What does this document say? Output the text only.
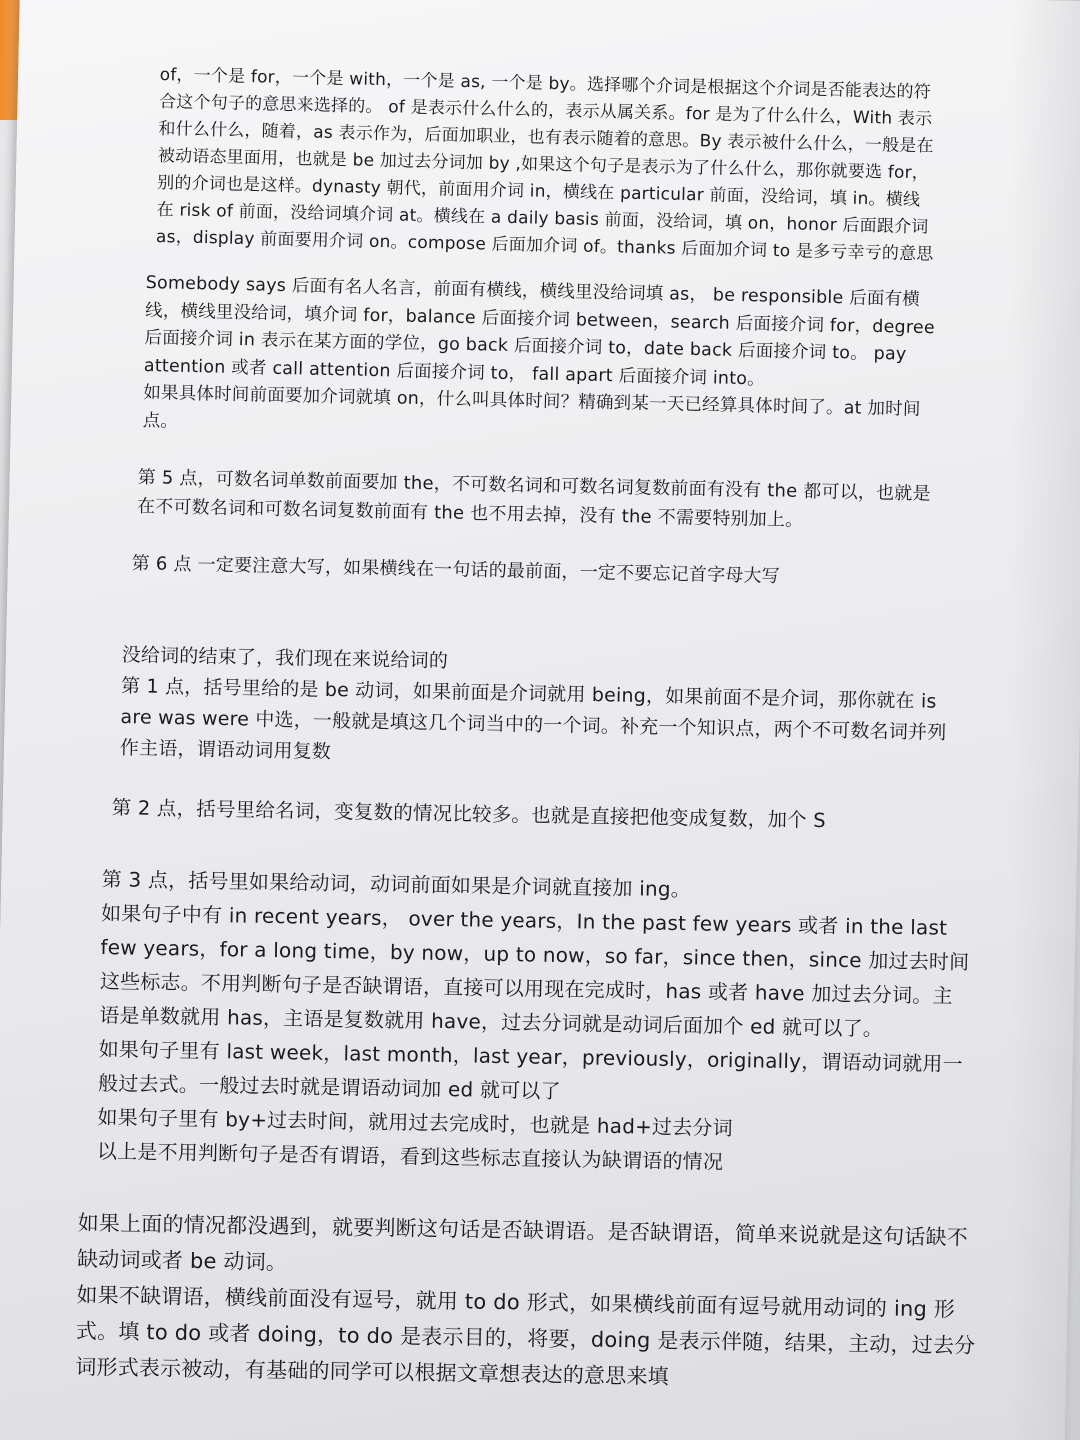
of，一个是 for，一个是 with，一个是 as, 一个是 by。选择哪个介词是根据这个介词是否能表达的符合这个句子的意思来选择的。 of 是表示什么什么的，表示从属关系。for 是为了什么什么，With 表示和什么什么，随着，as 表示作为，后面加职业，也有表示随着的意思。By 表示被什么什么，一般是在被动语态里面用，也就是 be 加过去分词加 by ,如果这个句子是表示为了什么什么，那你就要选 for，别的介词也是这样。dynasty 朝代，前面用介词 in，横线在 particular 前面，没给词，填 in。横线在 risk of 前面，没给词填介词 at。横线在 a daily basis 前面，没给词，填 on，honor 后面跟介词 as，display 前面要用介词 on。compose 后面加介词 of。thanks 后面加介词 to 是多亏幸亏的意思

Somebody says 后面有名人名言，前面有横线，横线里没给词填 as， be responsible 后面有横线，横线里没给词，填介词 for，balance 后面接介词 between，search 后面接介词 for，degree 后面接介词 in 表示在某方面的学位，go back 后面接介词 to，date back 后面接介词 to。 pay attention 或者 call attention 后面接介词 to， fall apart 后面接介词 into。

如果具体时间前面要加介词就填 on，什么叫具体时间？精确到某一天已经算具体时间了。at 加时间点。

第 5 点，可数名词单数前面要加 the，不可数名词和可数名词复数前面有没有 the 都可以，也就是在不可数名词和可数名词复数前面有 the 也不用去掉，没有 the 不需要特别加上。

第 6 点 一定要注意大写，如果横线在一句话的最前面，一定不要忘记首字母大写

没给词的结束了，我们现在来说给词的

第 1 点，括号里给的是 be 动词，如果前面是介词就用 being，如果前面不是介词，那你就在 is are was were 中选，一般就是填这几个词当中的一个词。补充一个知识点，两个不可数名词并列作主语，谓语动词用复数

第 2 点，括号里给名词，变复数的情况比较多。也就是直接把他变成复数，加个 S

第 3 点，括号里如果给动词，动词前面如果是介词就直接加 ing。

如果句子中有 in recent years， over the years，In the past few years 或者 in the last few years，for a long time，by now，up to now，so far，since then，since 加过去时间这些标志。不用判断句子是否缺谓语，直接可以用现在完成时，has 或者 have 加过去分词。主语是单数就用 has，主语是复数就用 have，过去分词就是动词后面加个 ed 就可以了。

如果句子里有 last week，last month，last year，previously，originally，谓语动词就用一般过去式。一般过去时就是谓语动词加 ed 就可以了

如果句子里有 by+过去时间，就用过去完成时，也就是 had+过去分词

以上是不用判断句子是否有谓语，看到这些标志直接认为缺谓语的情况

如果上面的情况都没遇到，就要判断这句话是否缺谓语。是否缺谓语，简单来说就是这句话缺不缺动词或者 be 动词。

如果不缺谓语，横线前面没有逗号，就用 to do 形式，如果横线前面有逗号就用动词的 ing 形式。填 to do 或者 doing，to do 是表示目的，将要，doing 是表示伴随，结果，主动，过去分词形式表示被动，有基础的同学可以根据文章想表达的意思来填
